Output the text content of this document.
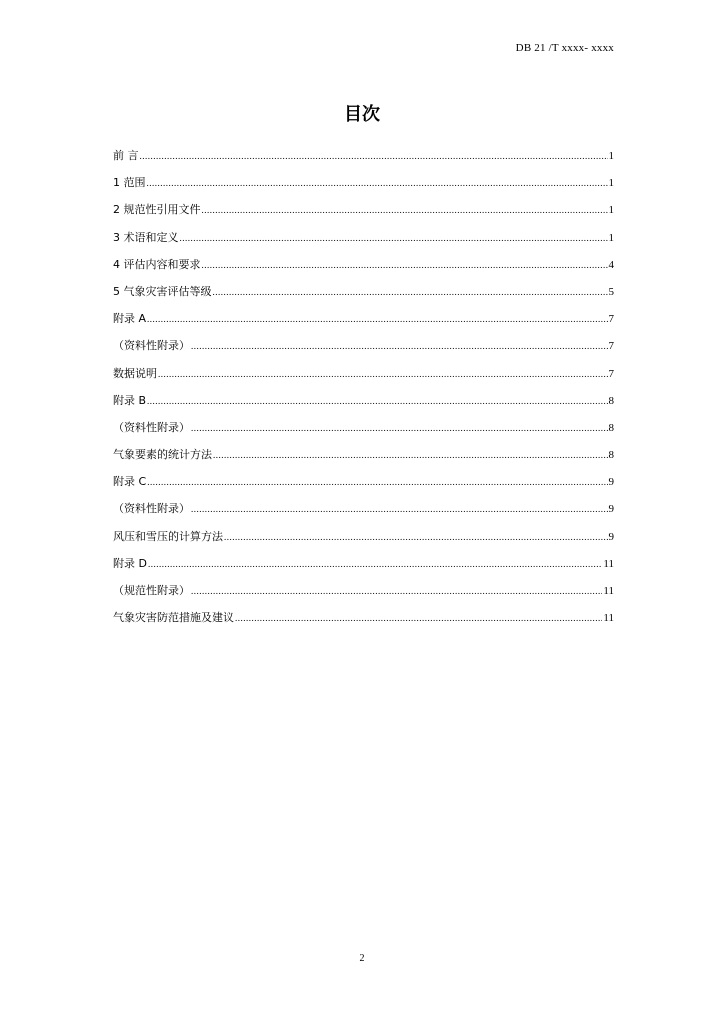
DB 21 /T xxxx- xxxx
目次
前 言 .....	1
1 范围 .....	1
2 规范性引用文件 .....	1
3 术语和定义 .....	1
4 评估内容和要求 .....	4
5 气象灾害评估等级 .....	5
附录 A .....	7
（资料性附录） .....	7
数据说明 .....	7
附录 B .....	8
（资料性附录） .....	8
气象要素的统计方法 .....	8
附录 C .....	9
（资料性附录） .....	9
风压和雪压的计算方法 .....	9
附录 D .....	11
（规范性附录） .....	11
气象灾害防范措施及建议 .....	11
2
